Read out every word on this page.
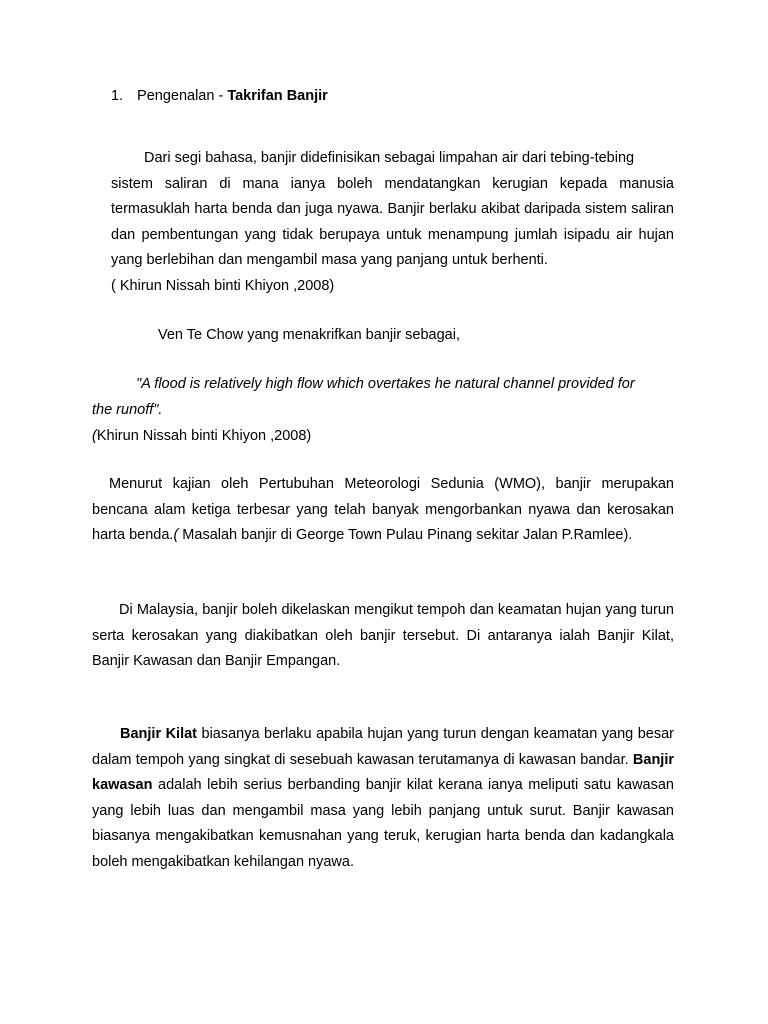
1. Pengenalan - Takrifan Banjir
Dari segi bahasa, banjir didefinisikan sebagai limpahan air dari tebing-tebing
sistem saliran di mana ianya boleh mendatangkan kerugian kepada manusia termasuklah harta benda dan juga nyawa. Banjir berlaku akibat daripada sistem saliran dan pembentungan yang tidak berupaya untuk menampung jumlah isipadu air hujan yang berlebihan dan mengambil masa yang panjang untuk berhenti.
( Khirun Nissah binti Khiyon ,2008)
Ven Te Chow yang menakrifkan banjir sebagai,
"A flood is relatively high flow which overtakes he natural channel provided for
the runoff".
(Khirun Nissah binti Khiyon ,2008)
Menurut kajian oleh Pertubuhan Meteorologi Sedunia (WMO), banjir merupakan bencana alam ketiga terbesar yang telah banyak mengorbankan nyawa dan kerosakan harta benda.( Masalah banjir di George Town Pulau Pinang sekitar Jalan P.Ramlee).
Di Malaysia, banjir boleh dikelaskan mengikut tempoh dan keamatan hujan yang turun serta kerosakan yang diakibatkan oleh banjir tersebut. Di antaranya ialah Banjir Kilat, Banjir Kawasan dan Banjir Empangan.
Banjir Kilat biasanya berlaku apabila hujan yang turun dengan keamatan yang besar dalam tempoh yang singkat di sesebuah kawasan terutamanya di kawasan bandar. Banjir kawasan adalah lebih serius berbanding banjir kilat kerana ianya meliputi satu kawasan yang lebih luas dan mengambil masa yang lebih panjang untuk surut. Banjir kawasan biasanya mengakibatkan kemusnahan yang teruk, kerugian harta benda dan kadangkala boleh mengakibatkan kehilangan nyawa.
